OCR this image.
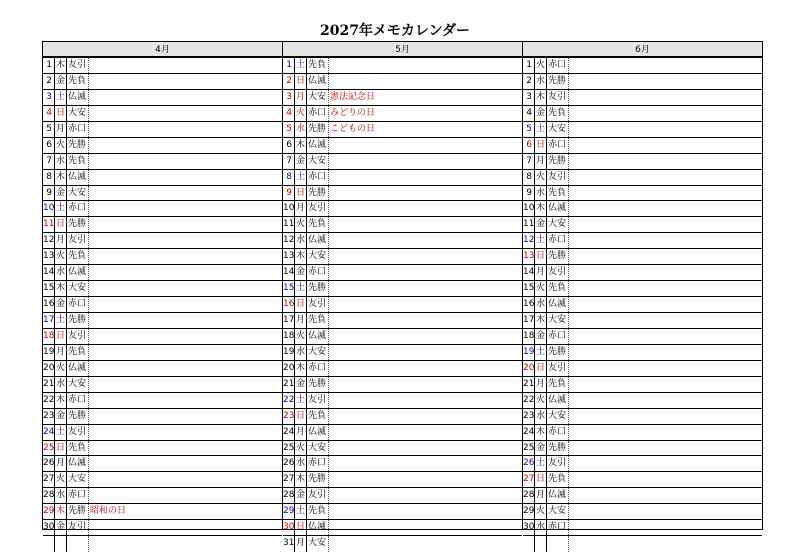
2027年メモカレンダー
4月
1 木 友引
2 金 先負
3 土 仏滅
4 日 大安
5 月 赤口
6 火 先勝
7 水 先負
8 木 仏滅
9 金 大安
10 土 赤口
11 日 先勝
12 月 友引
13 火 先負
14 水 仏滅
15 木 大安
16 金 赤口
17 土 先勝
18 日 友引
19 月 先負
20 火 仏滅
21 水 大安
22 木 赤口
23 金 先勝
24 土 友引
25 日 先負
26 月 仏滅
27 火 大安
28 水 赤口
29 木 先勝 昭和の日
30 金 友引
5月
1 土 先負
2 日 仏滅
3 月 大安 憲法記念日
4 火 赤口 みどりの日
5 水 先勝 こどもの日
6 木 仏滅
7 金 大安
8 土 赤口
9 日 先勝
10 月 友引
11 火 先負
12 水 仏滅
13 木 大安
14 金 赤口
15 土 先勝
16 日 友引
17 月 先負
18 火 仏滅
19 水 大安
20 木 赤口
21 金 先勝
22 土 友引
23 日 先負
24 月 仏滅
25 火 大安
26 水 赤口
27 木 先勝
28 金 友引
29 土 先負
30 日 仏滅
31 月 大安
6月
1 火 赤口
2 水 先勝
3 木 友引
4 金 先負
5 土 大安
6 日 赤口
7 月 先勝
8 火 友引
9 水 先負
10 木 仏滅
11 金 大安
12 土 赤口
13 日 先勝
14 月 友引
15 火 先負
16 水 仏滅
17 木 大安
18 金 赤口
19 土 先勝
20 日 友引
21 月 先負
22 火 仏滅
23 水 大安
24 木 赤口
25 金 先勝
26 土 友引
27 日 先負
28 月 仏滅
29 火 大安
30 水 赤口
